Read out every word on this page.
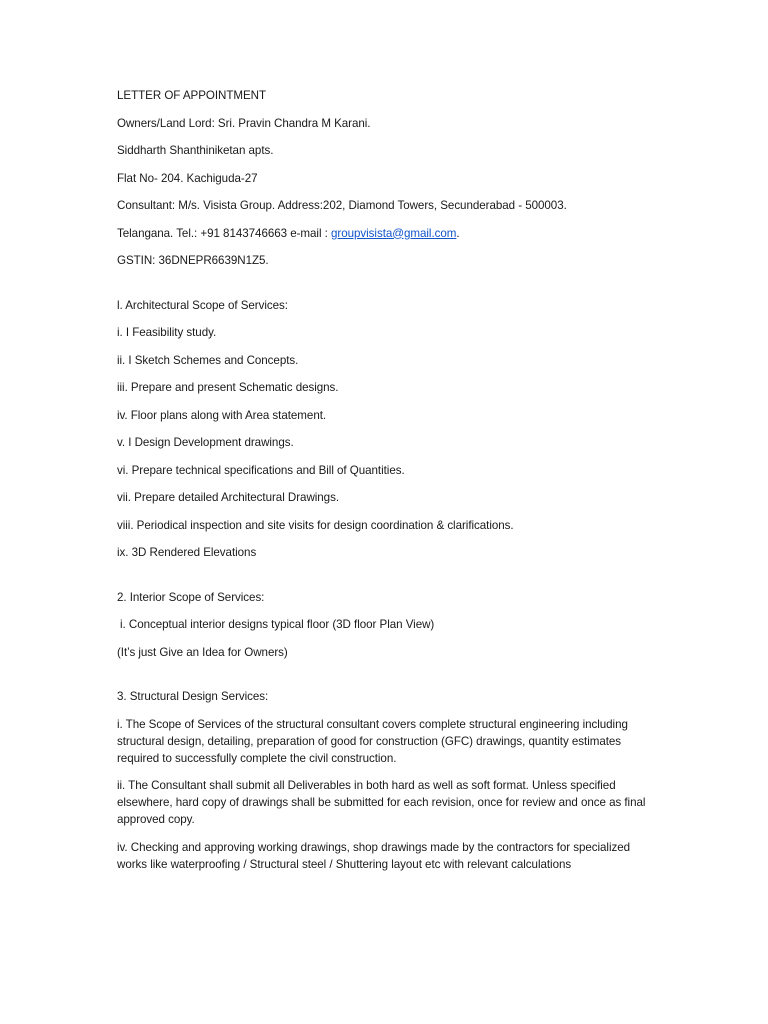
LETTER OF APPOINTMENT
Owners/Land Lord: Sri. Pravin Chandra M Karani.
Siddharth Shanthiniketan apts.
Flat No- 204. Kachiguda-27
Consultant: M/s. Visista Group. Address:202, Diamond Towers, Secunderabad - 500003.
Telangana. Tel.: +91 8143746663 e-mail : groupvisista@gmail.com.
GSTIN: 36DNEPR6639N1Z5.
l. Architectural Scope of Services:
i. I Feasibility study.
ii. I Sketch Schemes and Concepts.
iii. Prepare and present Schematic designs.
iv. Floor plans along with Area statement.
v. I Design Development drawings.
vi. Prepare technical specifications and Bill of Quantities.
vii. Prepare detailed Architectural Drawings.
viii. Periodical inspection and site visits for design coordination & clarifications.
ix. 3D Rendered Elevations
2. Interior Scope of Services:
i. Conceptual interior designs typical floor (3D floor Plan View)
(It’s just Give an Idea for Owners)
3. Structural Design Services:
i. The Scope of Services of the structural consultant covers complete structural engineering including structural design, detailing, preparation of good for construction (GFC) drawings, quantity estimates required to successfully complete the civil construction.
ii. The Consultant shall submit all Deliverables in both hard as well as soft format. Unless specified elsewhere, hard copy of drawings shall be submitted for each revision, once for review and once as final approved copy.
iv. Checking and approving working drawings, shop drawings made by the contractors for specialized works like waterproofing / Structural steel / Shuttering layout etc with relevant calculations
